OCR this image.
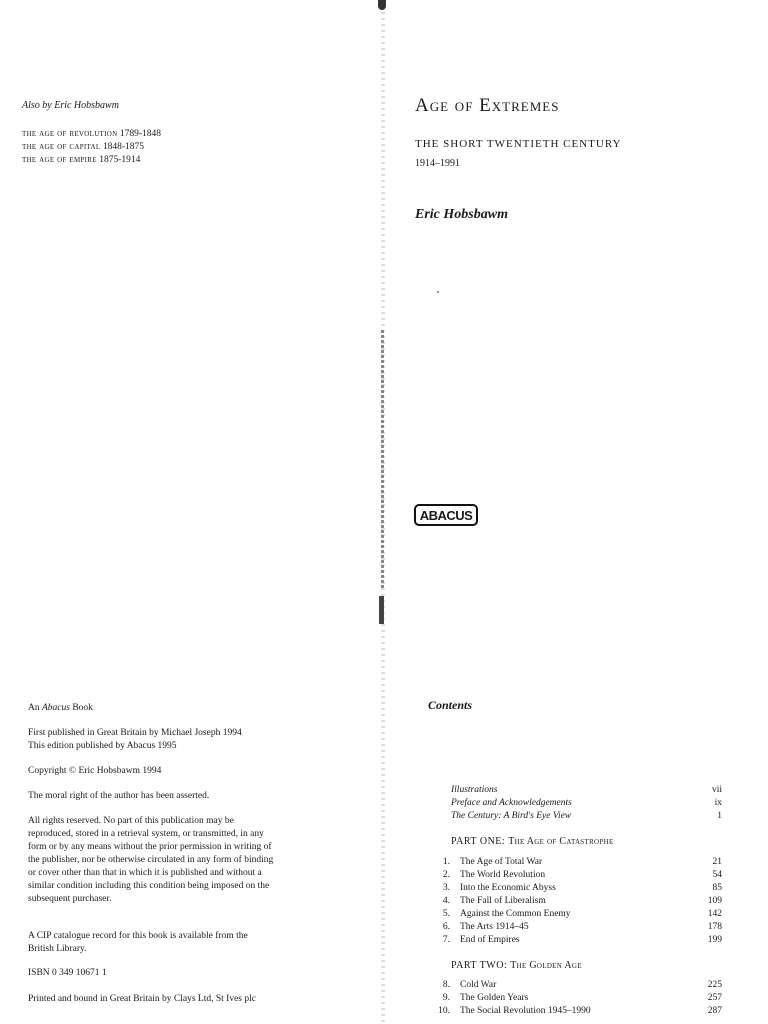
Also by Eric Hobsbawm
the age of revolution 1789-1848
the age of capital 1848-1875
the age of empire 1875-1914
An Abacus Book

First published in Great Britain by Michael Joseph 1994

This edition published by Abacus 1995

Copyright © Eric Hobsbawm 1994
The moral right of the author has been asserted.

All rights reserved. No part of this publication may be

reproduced, stored in a retrieval system, or transmitted, in any

form or by any means without the prior permission in writing of

the publisher, nor be otherwise circulated in any form of binding

or cover other than that in which it is published and without a

similar condition including this condition being imposed on the

subsequent purchaser.

A CIP catalogue record for this book is available from the

British Library.

ISBN 0 349 10671 1
Printed and bound in Great Britain by Clays Ltd, St Ives plc
Age of Extremes
THE SHORT TWENTIETH CENTURY
1914–1991
Eric Hobsbawm
ABACUS
Contents
Illustrations	vii
Preface and Acknowledgements	ix
The Century: A Bird's Eye View	1
PART ONE: The Age of Catastrophe
1.	The Age of Total War	21
2.	The World Revolution	54
3.	Into the Economic Abyss	85
4.	The Fall of Liberalism	109
5.	Against the Common Enemy	142
6.	The Arts 1914–45	178
7.	End of Empires	199
PART TWO: The Golden Age
8.	Cold War	225
9.	The Golden Years	257
10.	The Social Revolution 1945–1990	287
